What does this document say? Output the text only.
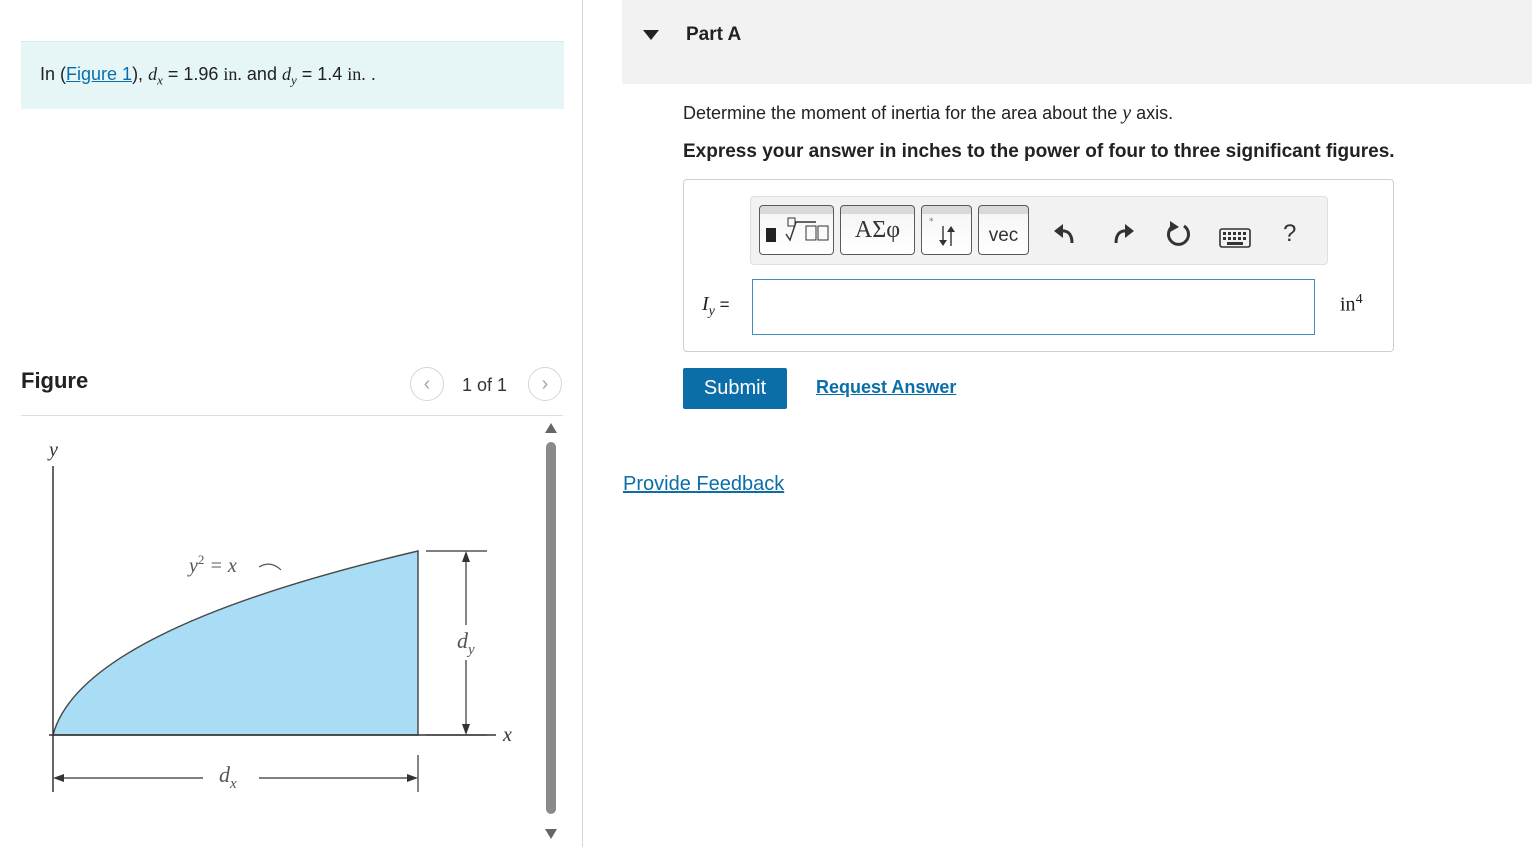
In (Figure 1), $d_x = 1.96$ in. and $d_y = 1.4$ in. .
Figure	‹ 1 of 1 ›
y
x
$y^2 = x$
$d_y$
$d_x$
Part A
Determine the moment of inertia for the area about the y axis.
Express your answer in inches to the power of four to three significant figures.
ΑΣφ	*
vec	?
$I_y$ =	$in^4$
Submit	Request Answer
Provide Feedback
